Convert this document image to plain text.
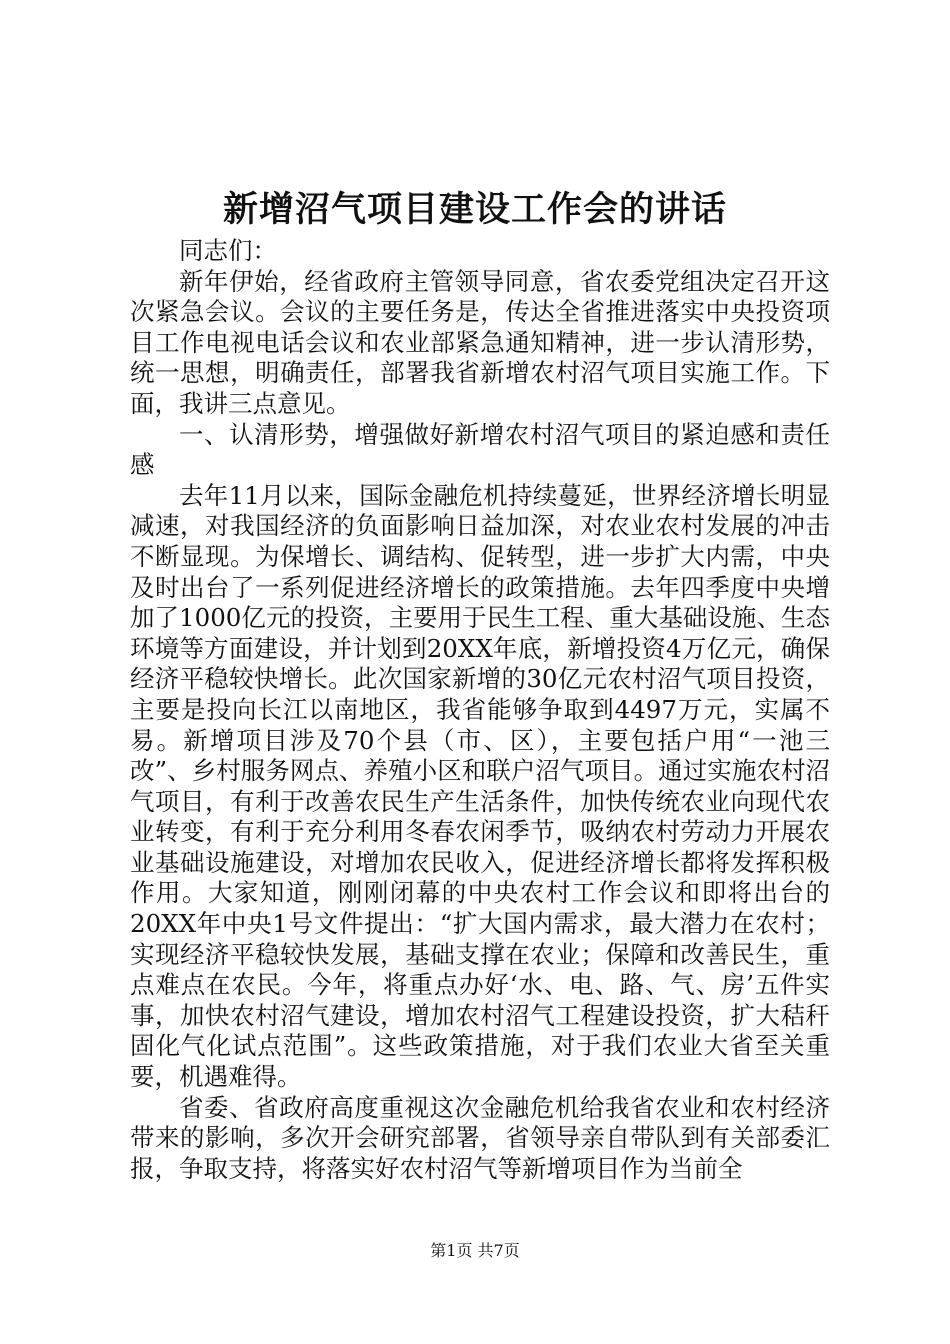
新增沼气项目建设工作会的讲话

同志们：

新年伊始，经省政府主管领导同意，省农委党组决定召开这次紧急会议。会议的主要任务是，传达全省推进落实中央投资项目工作电视电话会议和农业部紧急通知精神，进一步认清形势，统一思想，明确责任，部署我省新增农村沼气项目实施工作。下面，我讲三点意见。

一、认清形势，增强做好新增农村沼气项目的紧迫感和责任感

去年11月以来，国际金融危机持续蔓延，世界经济增长明显减速，对我国经济的负面影响日益加深，对农业农村发展的冲击不断显现。为保增长、调结构、促转型，进一步扩大内需，中央及时出台了一系列促进经济增长的政策措施。去年四季度中央增加了1000亿元的投资，主要用于民生工程、重大基础设施、生态环境等方面建设，并计划到20XX年底，新增投资4万亿元，确保经济平稳较快增长。此次国家新增的30亿元农村沼气项目投资，主要是投向长江以南地区，我省能够争取到4497万元，实属不易。新增项目涉及70个县（市、区），主要包括户用“一池三改”、乡村服务网点、养殖小区和联户沼气项目。通过实施农村沼气项目，有利于改善农民生产生活条件，加快传统农业向现代农业转变，有利于充分利用冬春农闲季节，吸纳农村劳动力开展农业基础设施建设，对增加农民收入，促进经济增长都将发挥积极作用。大家知道，刚刚闭幕的中央农村工作会议和即将出台的20XX年中央1号文件提出：“扩大国内需求，最大潜力在农村；实现经济平稳较快发展，基础支撑在农业；保障和改善民生，重点难点在农民。今年，将重点办好‘水、电、路、气、房’五件实事，加快农村沼气建设，增加农村沼气工程建设投资，扩大秸秆固化气化试点范围”。这些政策措施，对于我们农业大省至关重要，机遇难得。

省委、省政府高度重视这次金融危机给我省农业和农村经济带来的影响，多次开会研究部署，省领导亲自带队到有关部委汇报，争取支持，将落实好农村沼气等新增项目作为当前全

第1页 共7页
